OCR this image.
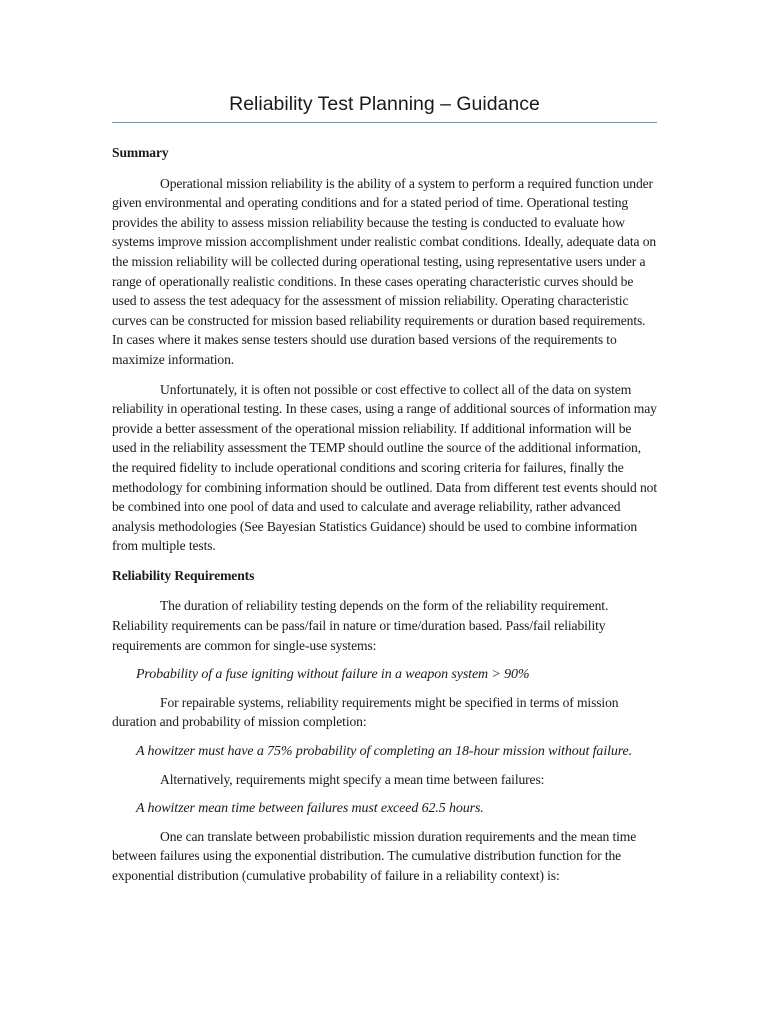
Reliability Test Planning – Guidance
Summary

Operational mission reliability is the ability of a system to perform a required function under given environmental and operating conditions and for a stated period of time. Operational testing provides the ability to assess mission reliability because the testing is conducted to evaluate how systems improve mission accomplishment under realistic combat conditions. Ideally, adequate data on the mission reliability will be collected during operational testing, using representative users under a range of operationally realistic conditions. In these cases operating characteristic curves should be used to assess the test adequacy for the assessment of mission reliability. Operating characteristic curves can be constructed for mission based reliability requirements or duration based requirements. In cases where it makes sense testers should use duration based versions of the requirements to maximize information.

Unfortunately, it is often not possible or cost effective to collect all of the data on system reliability in operational testing. In these cases, using a range of additional sources of information may provide a better assessment of the operational mission reliability. If additional information will be used in the reliability assessment the TEMP should outline the source of the additional information, the required fidelity to include operational conditions and scoring criteria for failures, finally the methodology for combining information should be outlined. Data from different test events should not be combined into one pool of data and used to calculate and average reliability, rather advanced analysis methodologies (See Bayesian Statistics Guidance) should be used to combine information from multiple tests.

Reliability Requirements

The duration of reliability testing depends on the form of the reliability requirement. Reliability requirements can be pass/fail in nature or time/duration based. Pass/fail reliability requirements are common for single-use systems:

Probability of a fuse igniting without failure in a weapon system > 90%

For repairable systems, reliability requirements might be specified in terms of mission duration and probability of mission completion:

A howitzer must have a 75% probability of completing an 18-hour mission without failure.

Alternatively, requirements might specify a mean time between failures:

A howitzer mean time between failures must exceed 62.5 hours.

One can translate between probabilistic mission duration requirements and the mean time between failures using the exponential distribution. The cumulative distribution function for the exponential distribution (cumulative probability of failure in a reliability context) is:
